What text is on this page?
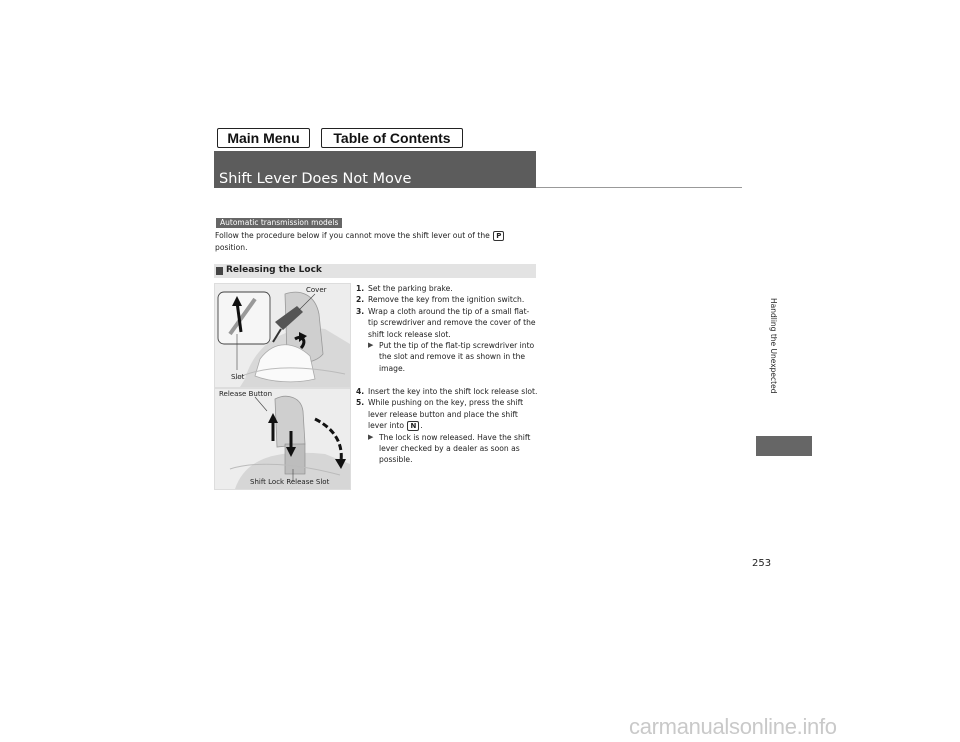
Main Menu	Table of Contents
Shift Lever Does Not Move
Automatic transmission models
Follow the procedure below if you cannot move the shift lever out of the P
position.
Releasing the Lock
Cover
Slot
Release Button
Shift Lock Release Slot
1. Set the parking brake.
2. Remove the key from the ignition switch.
3. Wrap a cloth around the tip of a small flat-tip screwdriver and remove the cover of the shift lock release slot.
▶ Put the tip of the flat-tip screwdriver into the slot and remove it as shown in the image.
4. Insert the key into the shift lock release slot.
5. While pushing on the key, press the shift lever release button and place the shift lever into N .
▶ The lock is now released. Have the shift lever checked by a dealer as soon as possible.
Handling the Unexpected
253
carmanualsonline.info
